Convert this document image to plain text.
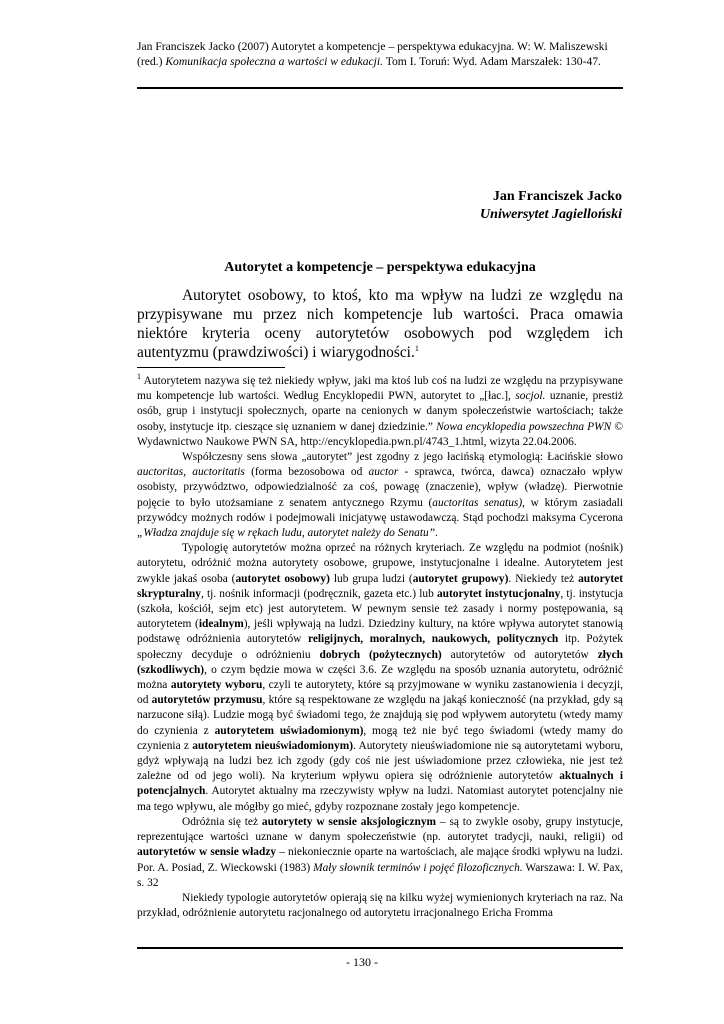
Jan Franciszek Jacko (2007) Autorytet a kompetencje – perspektywa edukacyjna. W: W. Maliszewski (red.) Komunikacja społeczna a wartości w edukacji. Tom I. Toruń: Wyd. Adam Marszałek: 130-47.
Jan Franciszek Jacko
Uniwersytet Jagielloński
Autorytet a kompetencje – perspektywa edukacyjna

Autorytet osobowy, to ktoś, kto ma wpływ na ludzi ze względu na przypisywane mu przez nich kompetencje lub wartości. Praca omawia niektóre kryteria oceny autorytetów osobowych pod względem ich autentyzmu (prawdziwości) i wiarygodności.$^1$

$^1$ Autorytetem nazywa się też niekiedy wpływ, jaki ma ktoś lub coś na ludzi ze względu na przypisywane mu kompetencje lub wartości. Według Encyklopedii PWN, autorytet to „[łac.], socjol. uznanie, prestiż osób, grup i instytucji społecznych, oparte na cenionych w danym społeczeństwie wartościach; także osoby, instytucje itp. cieszące się uznaniem w danej dziedzinie.” Nowa encyklopedia powszechna PWN © Wydawnictwo Naukowe PWN SA, http://encyklopedia.pwn.pl/4743_1.html, wizyta 22.04.2006.

Współczesny sens słowa „autorytet” jest zgodny z jego łacińską etymologią: Łacińskie słowo auctoritas, auctoritatis (forma bezosobowa od auctor - sprawca, twórca, dawca) oznaczało wpływ osobisty, przywództwo, odpowiedzialność za coś, powagę (znaczenie), wpływ (władzę). Pierwotnie pojęcie to było utożsamiane z senatem antycznego Rzymu (auctoritas senatus), w którym zasiadali przywódcy możnych rodów i podejmowali inicjatywę ustawodawczą. Stąd pochodzi maksyma Cycerona „Władza znajduje się w rękach ludu, autorytet należy do Senatu”.

Typologię autorytetów można oprzeć na różnych kryteriach. Ze względu na podmiot (nośnik) autorytetu, odróżnić można autorytety osobowe, grupowe, instytucjonalne i idealne. Autorytetem jest zwykle jakaś osoba (autorytet osobowy) lub grupa ludzi (autorytet grupowy). Niekiedy też autorytet skrypturalny, tj. nośnik informacji (podręcznik, gazeta etc.) lub autorytet instytucjonalny, tj. instytucja (szkoła, kościół, sejm etc) jest autorytetem. W pewnym sensie też zasady i normy postępowania, są autorytetem (idealnym), jeśli wpływają na ludzi. Dziedziny kultury, na które wpływa autorytet stanowią podstawę odróżnienia autorytetów religijnych, moralnych, naukowych, politycznych itp. Pożytek społeczny decyduje o odróżnieniu dobrych (pożytecznych) autorytetów od autorytetów złych (szkodliwych), o czym będzie mowa w części 3.6. Ze względu na sposób uznania autorytetu, odróżnić można autorytety wyboru, czyli te autorytety, które są przyjmowane w wyniku zastanowienia i decyzji, od autorytetów przymusu, które są respektowane ze względu na jakąś konieczność (na przykład, gdy są narzucone siłą). Ludzie mogą być świadomi tego, że znajdują się pod wpływem autorytetu (wtedy mamy do czynienia z autorytetem uświadomionym), mogą też nie być tego świadomi (wtedy mamy do czynienia z autorytetem nieuświadomionym). Autorytety nieuświadomione nie są autorytetami wyboru, gdyż wpływają na ludzi bez ich zgody (gdy coś nie jest uświadomione przez człowieka, nie jest też zależne od od jego woli). Na kryterium wpływu opiera się odróżnienie autorytetów aktualnych i potencjalnych. Autorytet aktualny ma rzeczywisty wpływ na ludzi. Natomiast autorytet potencjalny nie ma tego wpływu, ale mógłby go mieć, gdyby rozpoznane zostały jego kompetencje.

Odróżnia się też autorytety w sensie aksjologicznym – są to zwykle osoby, grupy instytucje, reprezentujące wartości uznane w danym społeczeństwie (np. autorytet tradycji, nauki, religii) od autorytetów w sensie władzy – niekoniecznie oparte na wartościach, ale mające środki wpływu na ludzi. Por. A. Posiad, Z. Wieckowski (1983) Mały słownik terminów i pojęć filozoficznych. Warszawa: I. W. Pax, s. 32

Niekiedy typologie autorytetów opierają się na kilku wyżej wymienionych kryteriach na raz. Na przykład, odróżnienie autorytetu racjonalnego od autorytetu irracjonalnego Ericha Fromma

- 130 -
